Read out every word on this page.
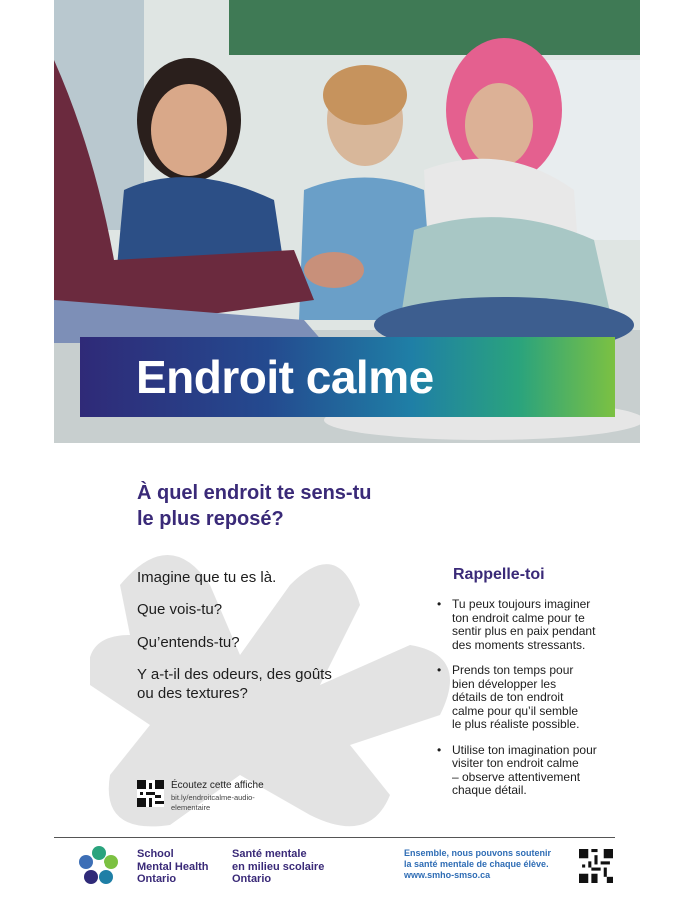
Endroit calme
À quel endroit te sens-tu
le plus reposé?
Imagine que tu es là.
Que vois-tu?
Qu’entends-tu?
Y a-t-il des odeurs, des goûts
ou des textures?
Rappelle-toi
• Tu peux toujours imaginer
ton endroit calme pour te
sentir plus en paix pendant
des moments stressants.
• Prends ton temps pour
bien développer les
détails de ton endroit
calme pour qu’il semble
le plus réaliste possible.
• Utilise ton imagination pour
visiter ton endroit calme
– observe attentivement
chaque détail.
Écoutez cette affiche
bit.ly/endroitcalme-audio-
elementaire
School
Mental Health
Ontario
Santé mentale
en milieu scolaire
Ontario
Ensemble, nous pouvons soutenir
la santé mentale de chaque élève.
www.smho-smso.ca
